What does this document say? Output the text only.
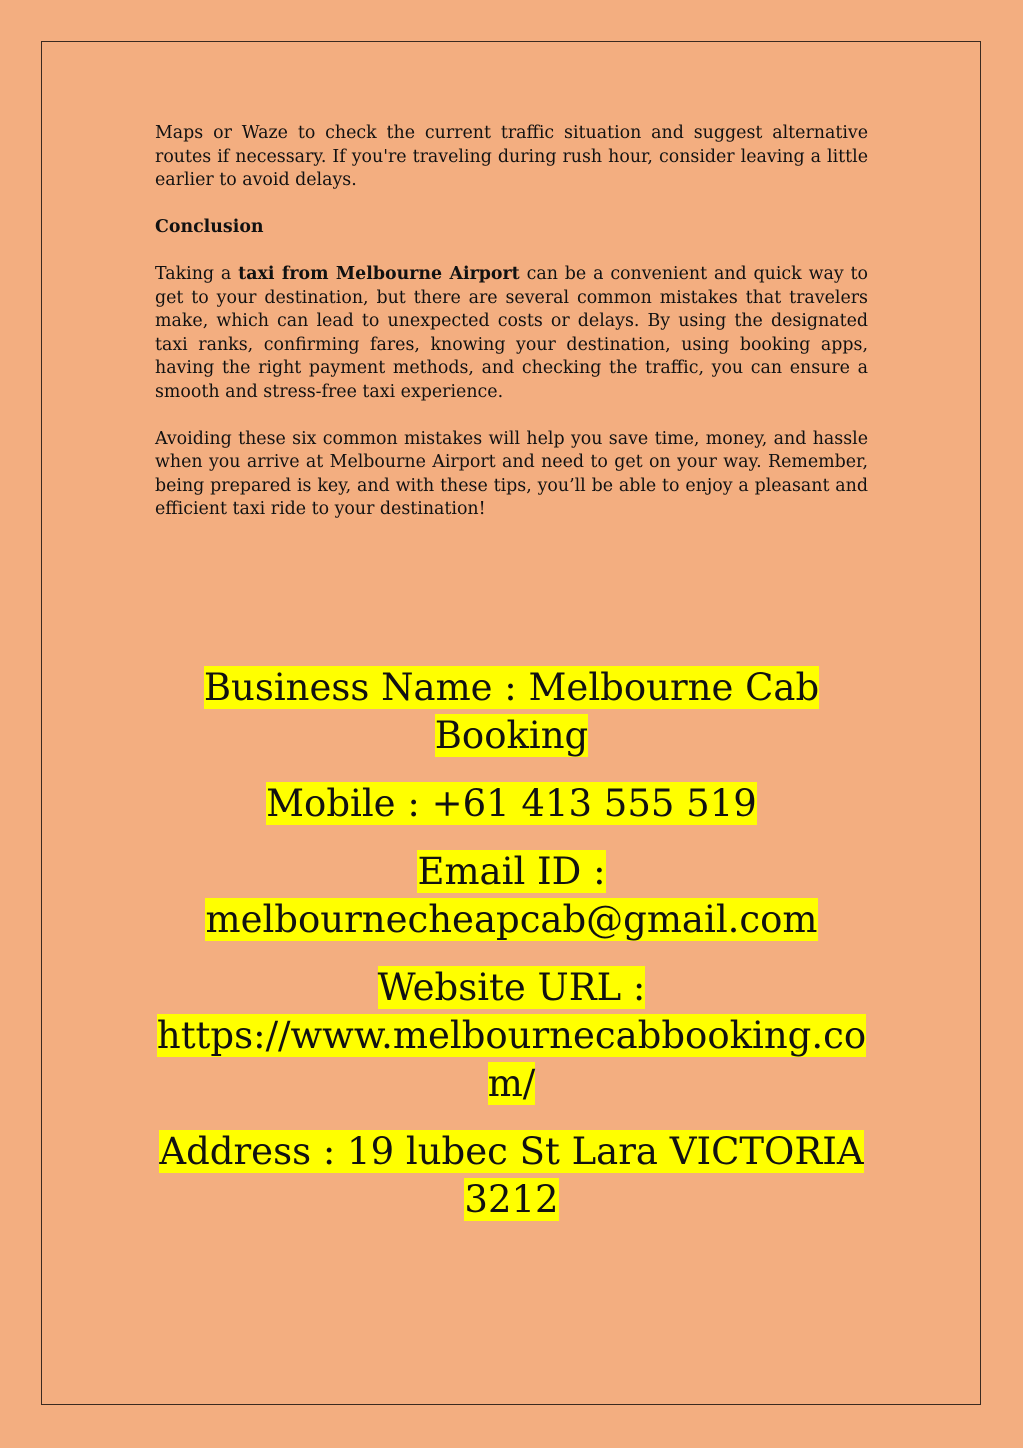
Maps or Waze to check the current traffic situation and suggest alternative routes if necessary. If you're traveling during rush hour, consider leaving a little earlier to avoid delays.

Conclusion

Taking a taxi from Melbourne Airport can be a convenient and quick way to get to your destination, but there are several common mistakes that travelers make, which can lead to unexpected costs or delays. By using the designated taxi ranks, confirming fares, knowing your destination, using booking apps, having the right payment methods, and checking the traffic, you can ensure a smooth and stress-free taxi experience.

Avoiding these six common mistakes will help you save time, money, and hassle when you arrive at Melbourne Airport and need to get on your way. Remember, being prepared is key, and with these tips, you’ll be able to enjoy a pleasant and efficient taxi ride to your destination!

Business Name : Melbourne Cab
Booking
Mobile : +61 413 555 519
Email ID :
melbournecheapcab@gmail.com
Website URL :
https://www.melbournecabbooking.co
m/
Address : 19 lubec St Lara VICTORIA
3212
